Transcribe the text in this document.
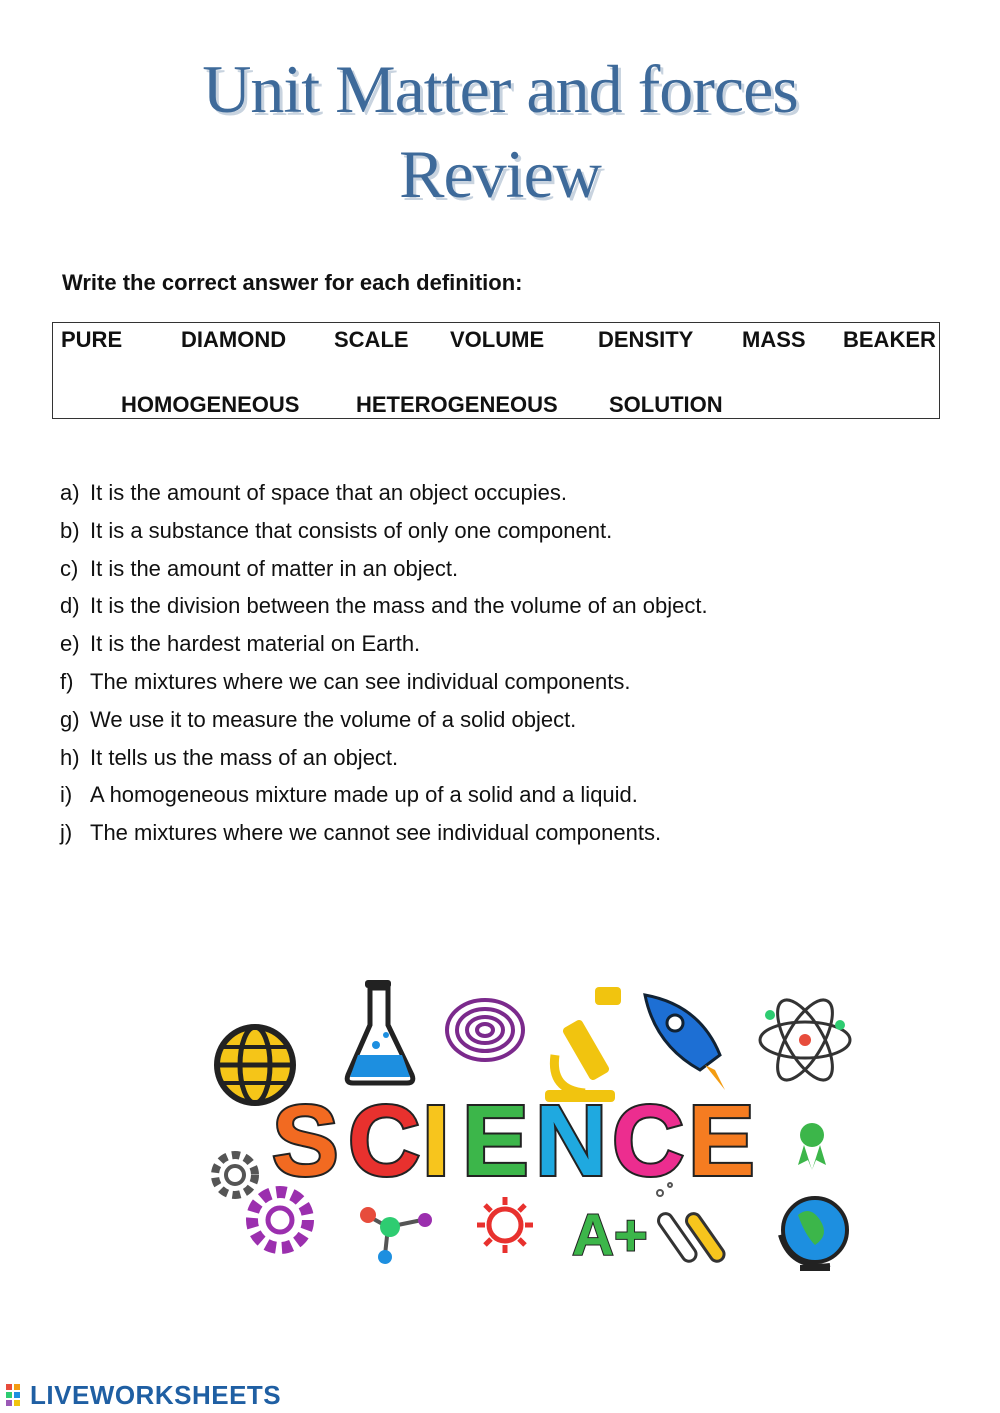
Unit Matter and forces
Review
Write the correct answer for each definition:
PURE	DIAMOND SCALE VOLUME DENSITY MASS BEAKER
HOMOGENEOUS	HETEROGENEOUS SOLUTION
a) It is the amount of space that an object occupies.
b) It is a substance that consists of only one component.
c) It is the amount of matter in an object.
d) It is the division between the mass and the volume of an object.
e) It is the hardest material on Earth.
f) The mixtures where we can see individual components.
g) We use it to measure the volume of a solid object.
h) It tells us the mass of an object.
i) A homogeneous mixture made up of a solid and a liquid.
j) The mixtures where we cannot see individual components.
S C I E N C E
A+
LIVEWORKSHEETS
